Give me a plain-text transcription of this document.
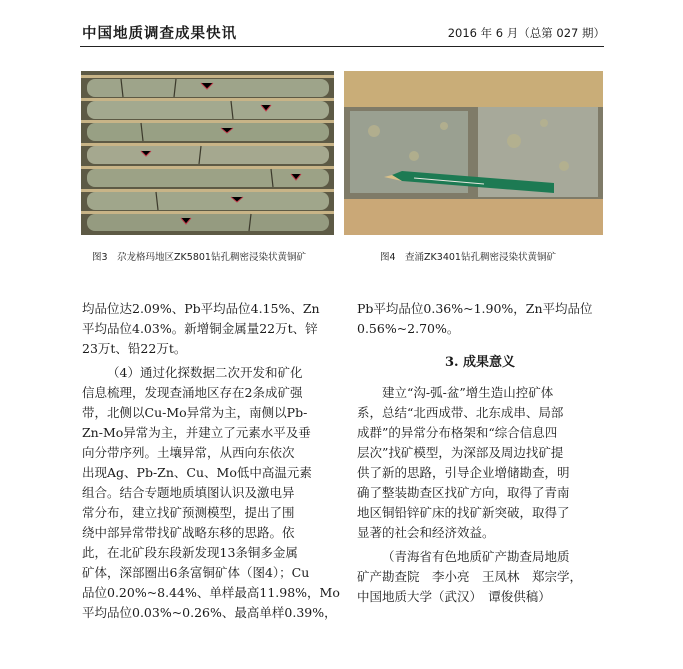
中国地质调查成果快讯	2016 年 6 月（总第 027 期）
图3　尕龙格玛地区ZK5801钻孔稠密浸染状黄铜矿	图4　查涌ZK3401钻孔稠密浸染状黄铜矿
均品位达2.09%、Pb平均品位4.15%、Zn
平均品位4.03%。新增铜金属量22万t、锌
23万t、铅22万t。
（4）通过化探数据二次开发和矿化
信息梳理，发现查涌地区存在2条成矿强
带，北侧以Cu-Mo异常为主，南侧以Pb-
Zn-Mo异常为主，并建立了元素水平及垂
向分带序列。土壤异常，从西向东依次
出现Ag、Pb-Zn、Cu、Mo低中高温元素
组合。结合专题地质填图认识及激电异
常分布，建立找矿预测模型，提出了围
绕中部异常带找矿战略东移的思路。依
此，在北矿段东段新发现13条铜多金属
矿体，深部圈出6条富铜矿体（图4）；Cu
品位0.20%~8.44%、单样最高11.98%，Mo
平均品位0.03%~0.26%、最高单样0.39%，
Pb平均品位0.36%~1.90%，Zn平均品位
0.56%~2.70%。
3. 成果意义
建立“沟-弧-盆”增生造山控矿体
系，总结“北西成带、北东成串、局部
成群”的异常分布格架和“综合信息四
层次”找矿模型，为深部及周边找矿提
供了新的思路，引导企业增储勘查，明
确了整装勘查区找矿方向，取得了青南
地区铜铅锌矿床的找矿新突破，取得了
显著的社会和经济效益。
（青海省有色地质矿产勘查局地质
矿产勘查院　李小亮　王凤林　郑宗学，
中国地质大学（武汉）　谭俊供稿）
